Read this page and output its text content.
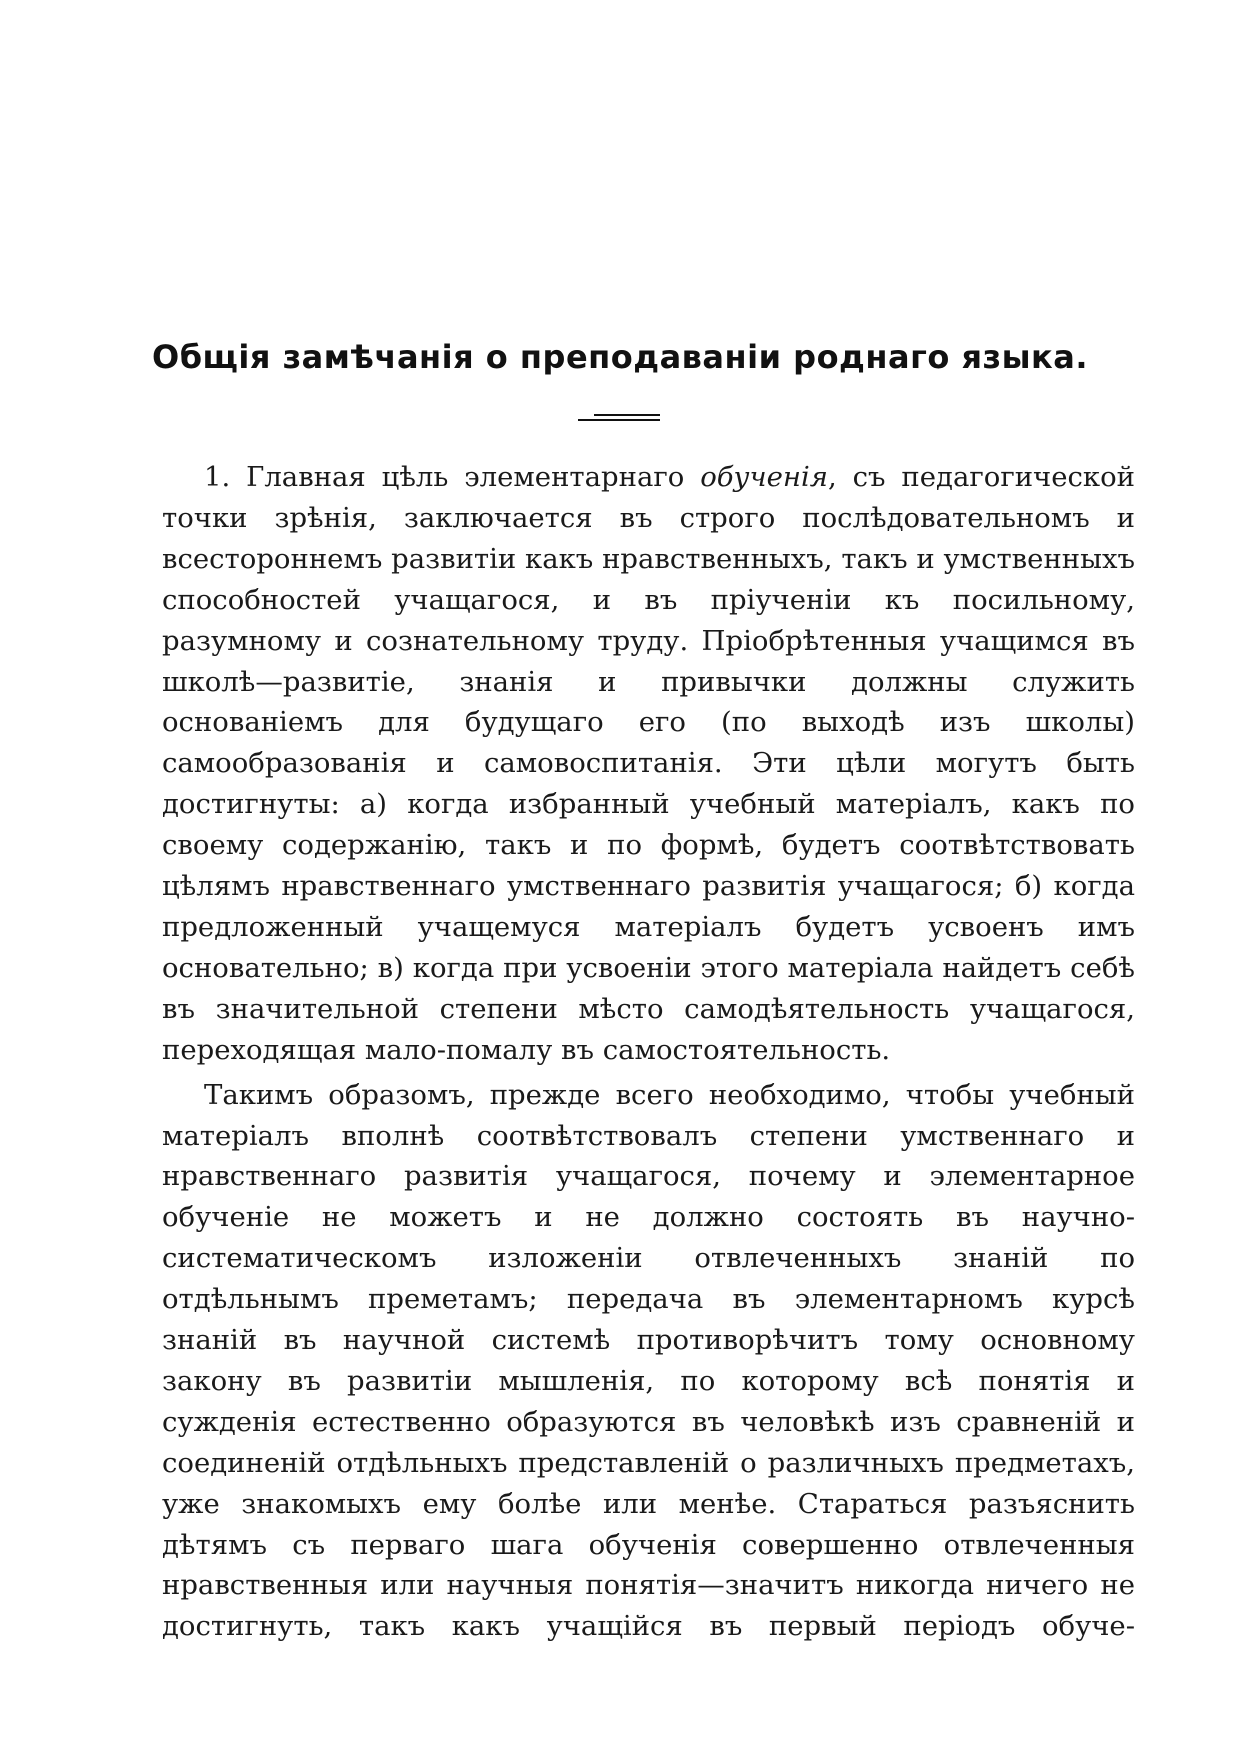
Общія замѣчанія о преподаваніи роднаго языка.

1. Главная цѣль элементарнаго обученія, съ педагогической точки зрѣнія, заключается въ строго послѣдовательномъ и всестороннемъ развитіи какъ нравственныхъ, такъ и умственныхъ способностей учащагося, и въ пріученіи къ посильному, разумному и сознательному труду. Пріобрѣтенныя учащимся въ школѣ—развитіе, знанія и привычки должны служить основаніемъ для будущаго его (по выходѣ изъ школы) самообразованія и самовоспитанія. Эти цѣли могутъ быть достигнуты: а) когда избранный учебный матеріалъ, какъ по своему содержанію, такъ и по формѣ, будетъ соотвѣтствовать цѣлямъ нравственнаго умственнаго развитія учащагося; б) когда предложенный учащемуся матеріалъ будетъ усвоенъ имъ основательно; в) когда при усвоеніи этого матеріала найдетъ себѣ въ значительной степени мѣсто самодѣятельность учащагося, переходящая мало-помалу въ самостоятельность.

Такимъ образомъ, прежде всего необходимо, чтобы учебный матеріалъ вполнѣ соотвѣтствовалъ степени умственнаго и нравственнаго развитія учащагося, почему и элементарное обученіе не можетъ и не должно состоять въ научно-систематическомъ изложеніи отвлеченныхъ знаній по отдѣльнымъ преметамъ; передача въ элементарномъ курсѣ знаній въ научной системѣ противорѣчитъ тому основному закону въ развитіи мышленія, по которому всѣ понятія и сужденія естественно образуются въ человѣкѣ изъ сравненій и соединеній отдѣльныхъ представленій о различныхъ предметахъ, уже знакомыхъ ему болѣе или менѣе. Стараться разъяснить дѣтямъ съ перваго шага обученія совершенно отвлеченныя нравственныя или научныя понятія—значитъ никогда ничего не достигнуть, такъ какъ учащійся въ первый періодъ обуче-
